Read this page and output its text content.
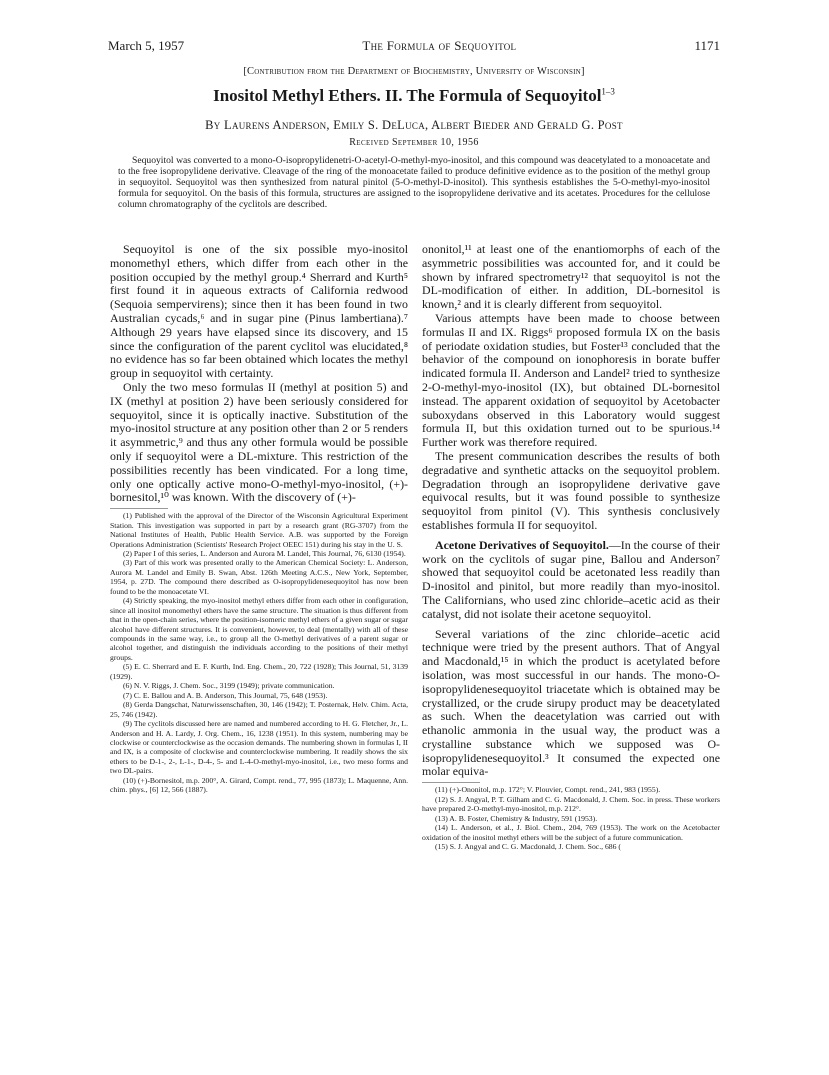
March 5, 1957	The Formula of Sequoyitol	1171
[Contribution from the Department of Biochemistry, University of Wisconsin]
Inositol Methyl Ethers. II. The Formula of Sequoyitol$^{1-3}$
By Laurens Anderson, Emily S. DeLuca, Albert Bieder and Gerald G. Post
Received September 10, 1956
Sequoyitol was converted to a mono-O-isopropylidenetri-O-acetyl-O-methyl-myo-inositol, and this compound was deacetylated to a monoacetate and to the free isopropylidene derivative. Cleavage of the ring of the monoacetate failed to produce definitive evidence as to the position of the methyl group in sequoyitol. Sequoyitol was then synthesized from natural pinitol (5-O-methyl-D-inositol). This synthesis establishes the 5-O-methyl-myo-inositol formula for sequoyitol. On the basis of this formula, structures are assigned to the isopropylidene derivative and its acetates. Procedures for the cellulose column chromatography of the cyclitols are described.

Sequoyitol is one of the six possible myo-inositol monomethyl ethers, which differ from each other in the position occupied by the methyl group.⁴ Sherrard and Kurth⁵ first found it in aqueous extracts of California redwood (Sequoia sempervirens); since then it has been found in two Australian cycads,⁶ and in sugar pine (Pinus lambertiana).⁷ Although 29 years have elapsed since its discovery, and 15 since the configuration of the parent cyclitol was elucidated,⁸ no evidence has so far been obtained which locates the methyl group in sequoyitol with certainty.

Only the two meso formulas II (methyl at position 5) and IX (methyl at position 2) have been seriously considered for sequoyitol, since it is optically inactive. Substitution of the myo-inositol structure at any position other than 2 or 5 renders it asymmetric,⁹ and thus any other formula would be possible only if sequoyitol were a DL-mixture. This restriction of the possibilities recently has been vindicated. For a long time, only one optically active mono-O-methyl-myo-inositol, (+)-bornesitol,¹⁰ was known. With the discovery of (+)-

(1) Published with the approval of the Director of the Wisconsin Agricultural Experiment Station. This investigation was supported in part by a research grant (RG-3707) from the National Institutes of Health, Public Health Service. A.B. was supported by the Foreign Operations Administration (Scientists' Research Project OEEC 151) during his stay in the U. S.

(2) Paper I of this series, L. Anderson and Aurora M. Landel, This Journal, 76, 6130 (1954).

(3) Part of this work was presented orally to the American Chemical Society: L. Anderson, Aurora M. Landel and Emily B. Swan, Abst. 126th Meeting A.C.S., New York, September, 1954, p. 27D. The compound there described as O-isopropylidenesequoyitol has now been found to be the monoacetate VI.

(4) Strictly speaking, the myo-inositol methyl ethers differ from each other in configuration, since all inositol monomethyl ethers have the same structure. The situation is thus different from that in the open-chain series, where the position-isomeric methyl ethers of a given sugar or sugar alcohol have different structures. It is convenient, however, to deal (mentally) with all of these compounds in the same way, i.e., to group all the O-methyl derivatives of a parent sugar or alcohol together, and distinguish the individuals according to the positions of their methyl groups.

(5) E. C. Sherrard and E. F. Kurth, Ind. Eng. Chem., 20, 722 (1928); This Journal, 51, 3139 (1929).

(6) N. V. Riggs, J. Chem. Soc., 3199 (1949); private communication.

(7) C. E. Ballou and A. B. Anderson, This Journal, 75, 648 (1953).

(8) Gerda Dangschat, Naturwissenschaften, 30, 146 (1942); T. Posternak, Helv. Chim. Acta, 25, 746 (1942).

(9) The cyclitols discussed here are named and numbered according to H. G. Fletcher, Jr., L. Anderson and H. A. Lardy, J. Org. Chem., 16, 1238 (1951). In this system, numbering may be clockwise or counterclockwise as the occasion demands. The numbering shown in formulas I, II and IX, is a composite of clockwise and counterclockwise numbering. It readily shows the six ethers to be D-1-, 2-, L-1-, D-4-, 5- and L-4-O-methyl-myo-inositol, i.e., two meso forms and two DL-pairs.

(10) (+)-Bornesitol, m.p. 200°, A. Girard, Compt. rend., 77, 995 (1873); L. Maquenne, Ann. chim. phys., [6] 12, 566 (1887).

ononitol,¹¹ at least one of the enantiomorphs of each of the asymmetric possibilities was accounted for, and it could be shown by infrared spectrometry¹² that sequoyitol is not the DL-modification of either. In addition, DL-bornesitol is known,² and it is clearly different from sequoyitol.

Various attempts have been made to choose between formulas II and IX. Riggs⁶ proposed formula IX on the basis of periodate oxidation studies, but Foster¹³ concluded that the behavior of the compound on ionophoresis in borate buffer indicated formula II. Anderson and Landel² tried to synthesize 2-O-methyl-myo-inositol (IX), but obtained DL-bornesitol instead. The apparent oxidation of sequoyitol by Acetobacter suboxydans observed in this Laboratory would suggest formula II, but this oxidation turned out to be spurious.¹⁴ Further work was therefore required.

The present communication describes the results of both degradative and synthetic attacks on the sequoyitol problem. Degradation through an isopropylidene derivative gave equivocal results, but it was found possible to synthesize sequoyitol from pinitol (V). This synthesis conclusively establishes formula II for sequoyitol.

Acetone Derivatives of Sequoyitol.—In the course of their work on the cyclitols of sugar pine, Ballou and Anderson⁷ showed that sequoyitol could be acetonated less readily than D-inositol and pinitol, but more readily than myo-inositol. The Californians, who used zinc chloride–acetic acid as their catalyst, did not isolate their acetone sequoyitol.

Several variations of the zinc chloride–acetic acid technique were tried by the present authors. That of Angyal and Macdonald,¹⁵ in which the product is acetylated before isolation, was most successful in our hands. The mono-O-isopropylidenesequoyitol triacetate which is obtained may be crystallized, or the crude sirupy product may be deacetylated as such. When the deacetylation was carried out with ethanolic ammonia in the usual way, the product was a crystalline substance which we supposed was O-isopropylidenesequoyitol.³ It consumed the expected one molar equiva-

(11) (+)-Ononitol, m.p. 172°; V. Plouvier, Compt. rend., 241, 983 (1955).

(12) S. J. Angyal, P. T. Gilham and C. G. Macdonald, J. Chem. Soc. in press. These workers have prepared 2-O-methyl-myo-inositol, m.p. 212°.

(13) A. B. Foster, Chemistry & Industry, 591 (1953).

(14) L. Anderson, et al., J. Biol. Chem., 204, 769 (1953). The work on the Acetobacter oxidation of the inositol methyl ethers will be the subject of a future communication.

(15) S. J. Angyal and C. G. Macdonald, J. Chem. Soc., 686 (
